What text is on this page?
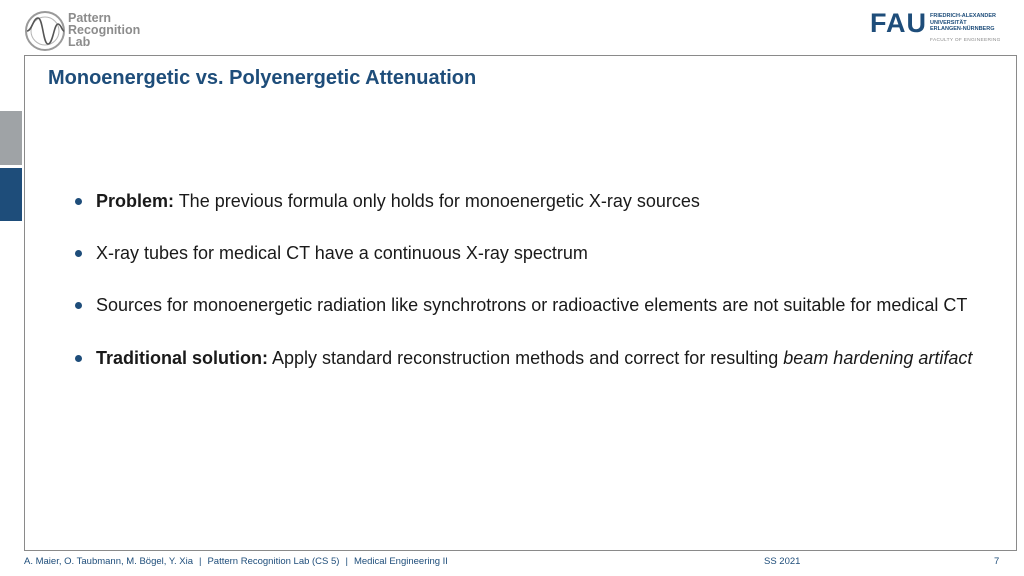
Pattern
Recognition
Lab
FAU FRIEDRICH-ALEXANDER
UNIVERSITÄT
ERLANGEN-NÜRNBERG
FACULTY OF ENGINEERING
Monoenergetic vs. Polyenergetic Attenuation
Problem: The previous formula only holds for monoenergetic X-ray sources
X-ray tubes for medical CT have a continuous X-ray spectrum
Sources for monoenergetic radiation like synchrotrons or radioactive elements are not suitable for medical CT
Traditional solution: Apply standard reconstruction methods and correct for resulting beam hardening artifact
A. Maier, O. Taubmann, M. Bögel, Y. Xia | Pattern Recognition Lab (CS 5) | Medical Engineering II	SS 2021	7
